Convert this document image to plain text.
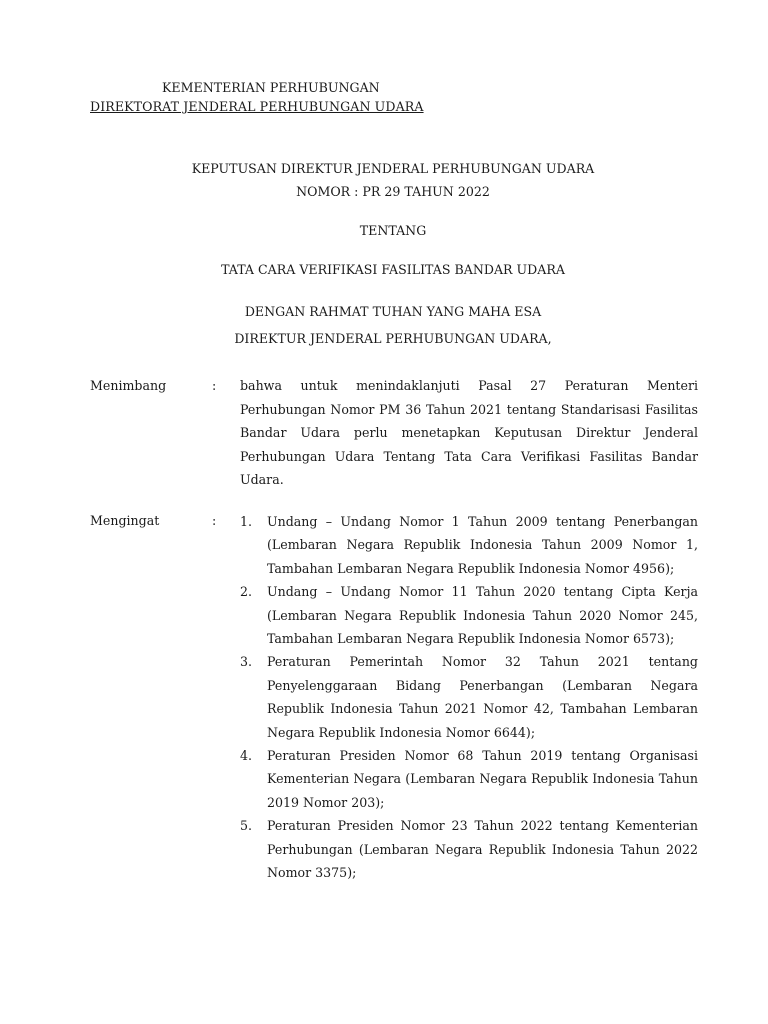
KEMENTERIAN PERHUBUNGAN
DIREKTORAT JENDERAL PERHUBUNGAN UDARA
KEPUTUSAN DIREKTUR JENDERAL PERHUBUNGAN UDARA
NOMOR : PR 29 TAHUN 2022
TENTANG
TATA CARA VERIFIKASI FASILITAS BANDAR UDARA
DENGAN RAHMAT TUHAN YANG MAHA ESA
DIREKTUR JENDERAL PERHUBUNGAN UDARA,
Menimbang	: bahwa untuk menindaklanjuti Pasal 27 Peraturan Menteri Perhubungan Nomor PM 36 Tahun 2021 tentang Standarisasi Fasilitas Bandar Udara perlu menetapkan Keputusan Direktur Jenderal Perhubungan Udara Tentang Tata Cara Verifikasi Fasilitas Bandar Udara.
Mengingat	: 1. Undang – Undang Nomor 1 Tahun 2009 tentang Penerbangan (Lembaran Negara Republik Indonesia Tahun 2009 Nomor 1, Tambahan Lembaran Negara Republik Indonesia Nomor 4956);
2. Undang – Undang Nomor 11 Tahun 2020 tentang Cipta Kerja (Lembaran Negara Republik Indonesia Tahun 2020 Nomor 245, Tambahan Lembaran Negara Republik Indonesia Nomor 6573);
3. Peraturan Pemerintah Nomor 32 Tahun 2021 tentang Penyelenggaraan Bidang Penerbangan (Lembaran Negara Republik Indonesia Tahun 2021 Nomor 42, Tambahan Lembaran Negara Republik Indonesia Nomor 6644);
4. Peraturan Presiden Nomor 68 Tahun 2019 tentang Organisasi Kementerian Negara (Lembaran Negara Republik Indonesia Tahun 2019 Nomor 203);
5. Peraturan Presiden Nomor 23 Tahun 2022 tentang Kementerian Perhubungan (Lembaran Negara Republik Indonesia Tahun 2022 Nomor 3375);
